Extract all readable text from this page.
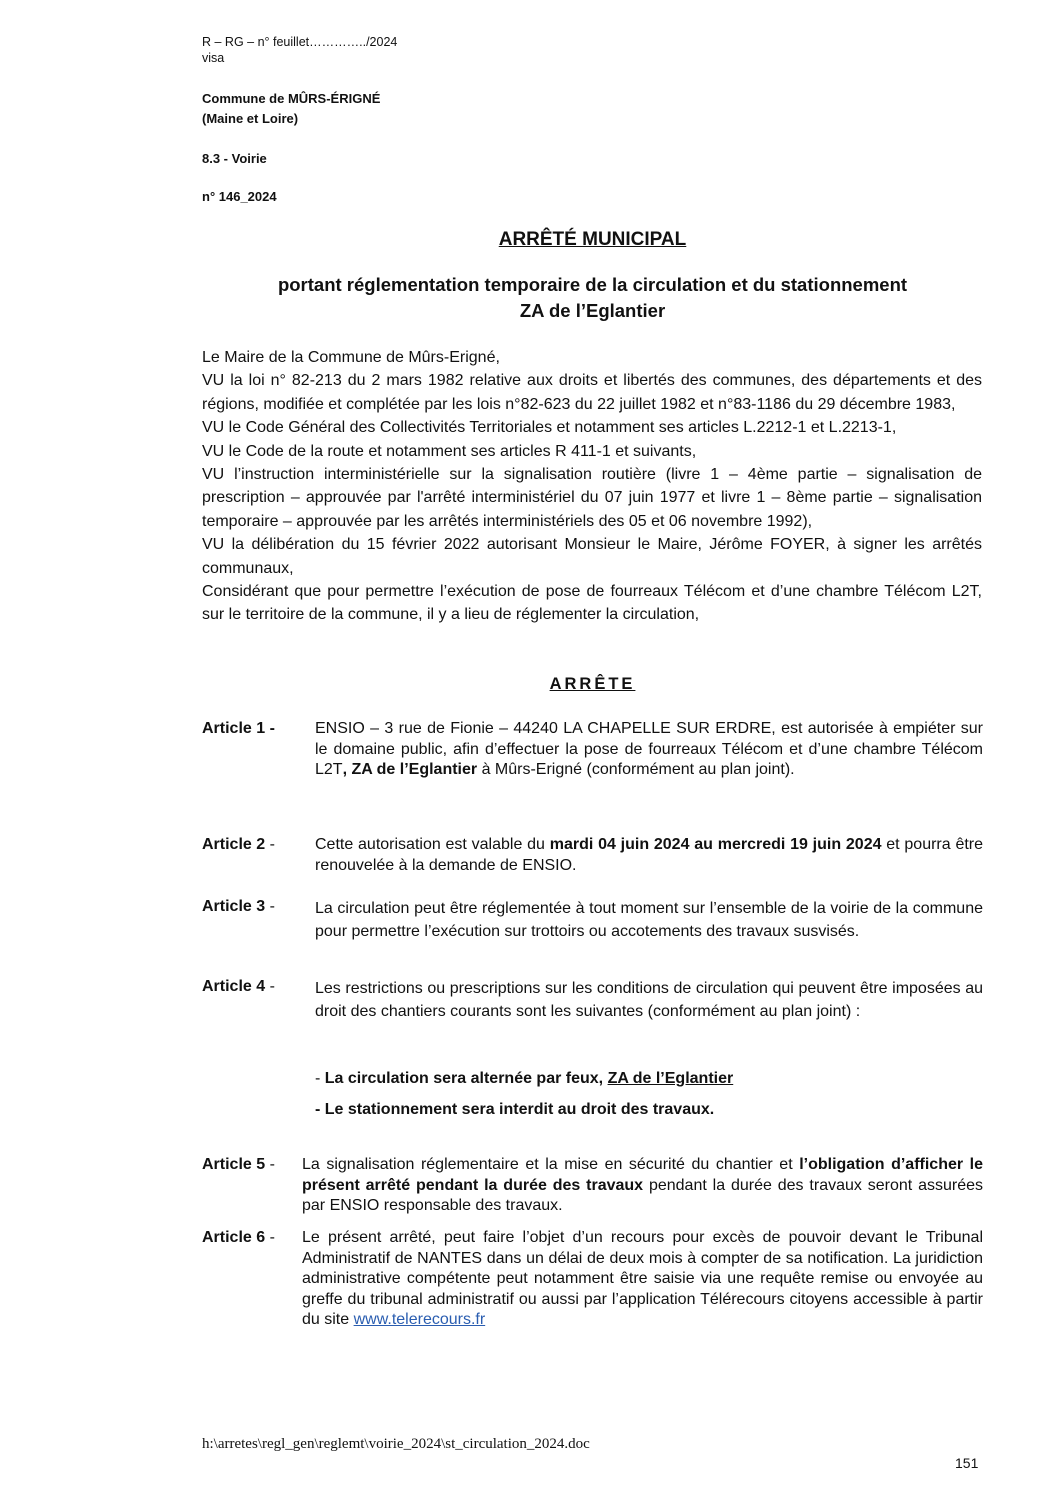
R – RG – n° feuillet…………../2024
visa
Commune de MÛRS-ÉRIGNÉ
(Maine et Loire)
8.3 - Voirie
n° 146_2024
ARRÊTÉ MUNICIPAL
portant réglementation temporaire de la circulation et du stationnement
ZA de l’Eglantier

Le Maire de la Commune de Mûrs-Erigné,

VU la loi n° 82-213 du 2 mars 1982 relative aux droits et libertés des communes, des départements et des régions, modifiée et complétée par les lois n°82-623 du 22 juillet 1982 et n°83-1186 du 29 décembre 1983,

VU le Code Général des Collectivités Territoriales et notamment ses articles L.2212-1 et L.2213-1,

VU le Code de la route et notamment ses articles R 411-1 et suivants,

VU l’instruction interministérielle sur la signalisation routière (livre 1 – 4ème partie – signalisation de prescription – approuvée par l'arrêté interministériel du 07 juin 1977 et livre 1 – 8ème partie – signalisation temporaire – approuvée par les arrêtés interministériels des 05 et 06 novembre 1992),

VU la délibération du 15 février 2022 autorisant Monsieur le Maire, Jérôme FOYER, à signer les arrêtés communaux,

Considérant que pour permettre l’exécution de pose de fourreaux Télécom et d’une chambre Télécom L2T, sur le territoire de la commune, il y a lieu de réglementer la circulation,

ARRÊTE
Article 1 -	ENSIO – 3 rue de Fionie – 44240 LA CHAPELLE SUR ERDRE, est autorisée à empiéter sur le domaine public, afin d’effectuer la pose de fourreaux Télécom et d’une chambre Télécom L2T, ZA de l’Eglantier à Mûrs-Erigné (conformément au plan joint).
Article 2 -	Cette autorisation est valable du mardi 04 juin 2024 au mercredi 19 juin 2024 et pourra être renouvelée à la demande de ENSIO.
Article 3 -	La circulation peut être réglementée à tout moment sur l’ensemble de la voirie de la commune pour permettre l’exécution sur trottoirs ou accotements des travaux susvisés.
Article 4 -	Les restrictions ou prescriptions sur les conditions de circulation qui peuvent être imposées au droit des chantiers courants sont les suivantes (conformément au plan joint) :
- La circulation sera alternée par feux, ZA de l’Eglantier
- Le stationnement sera interdit au droit des travaux.
Article 5 - La signalisation réglementaire et la mise en sécurité du chantier et l’obligation d’afficher le présent arrêté pendant la durée des travaux pendant la durée des travaux seront assurées par ENSIO responsable des travaux.
Article 6 - Le présent arrêté, peut faire l’objet d’un recours pour excès de pouvoir devant le Tribunal Administratif de NANTES dans un délai de deux mois à compter de sa notification. La juridiction administrative compétente peut notamment être saisie via une requête remise ou envoyée au greffe du tribunal administratif ou aussi par l’application Télérecours citoyens accessible à partir du site www.telerecours.fr
h:\arretes\regl_gen\reglemt\voirie_2024\st_circulation_2024.doc
151
